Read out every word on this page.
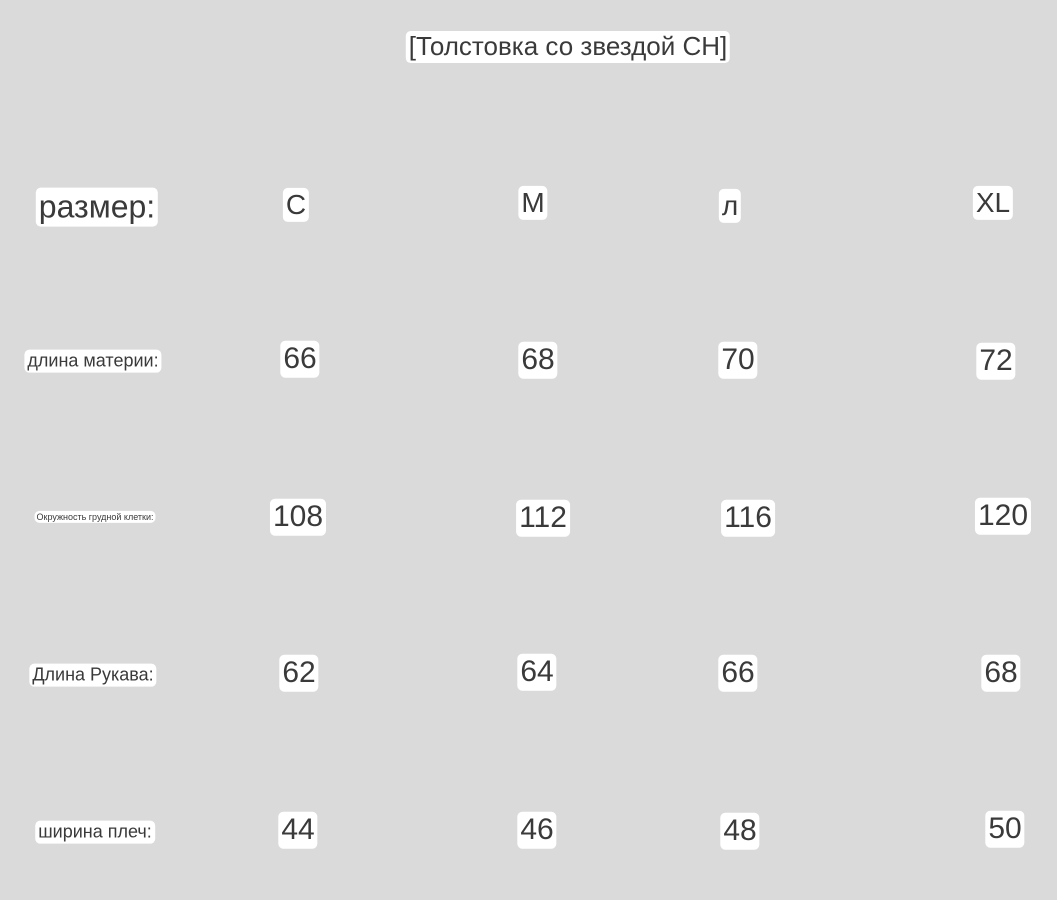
[Толстовка со звездой СН]
размер:	С	М	л	XL
длина материи:	66	68	70	72
Окружность грудной клетки:	108	112	116	120
Длина Рукава:	62	64	66	68
ширина плеч:	44	46	48	50
